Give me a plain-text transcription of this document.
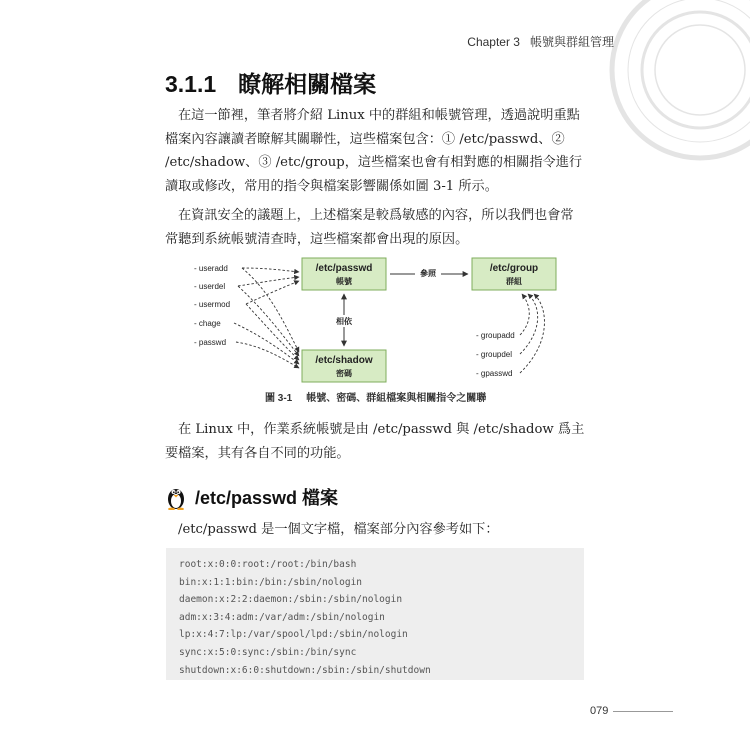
Chapter 3 帳號與群組管理
3.1.1 瞭解相關檔案

在這一節裡，筆者將介紹 Linux 中的群組和帳號管理，透過說明重點檔案內容讓讀者瞭解其關聯性，這些檔案包含：① /etc/passwd、② /etc/shadow、③ /etc/group，這些檔案也會有相對應的相關指令進行讀取或修改，常用的指令與檔案影響關係如圖 3-1 所示。

在資訊安全的議題上，上述檔案是較爲敏感的內容，所以我們也會常常聽到系統帳號清查時，這些檔案都會出現的原因。

/etc/passwd
帳號
/etc/group
群組
/etc/shadow
密碼
參照
相依
- useradd
- userdel
- usermod
- chage
- passwd
- groupadd
- groupdel
- gpasswd
圖 3-1 帳號、密碼、群組檔案與相關指令之關聯

在 Linux 中，作業系統帳號是由 /etc/passwd 與 /etc/shadow 爲主要檔案，其有各自不同的功能。

/etc/passwd 檔案

/etc/passwd 是一個文字檔，檔案部分內容參考如下：

root:x:0:0:root:/root:/bin/bash
bin:x:1:1:bin:/bin:/sbin/nologin
daemon:x:2:2:daemon:/sbin:/sbin/nologin
adm:x:3:4:adm:/var/adm:/sbin/nologin
lp:x:4:7:lp:/var/spool/lpd:/sbin/nologin
sync:x:5:0:sync:/sbin:/bin/sync
shutdown:x:6:0:shutdown:/sbin:/sbin/shutdown
079
